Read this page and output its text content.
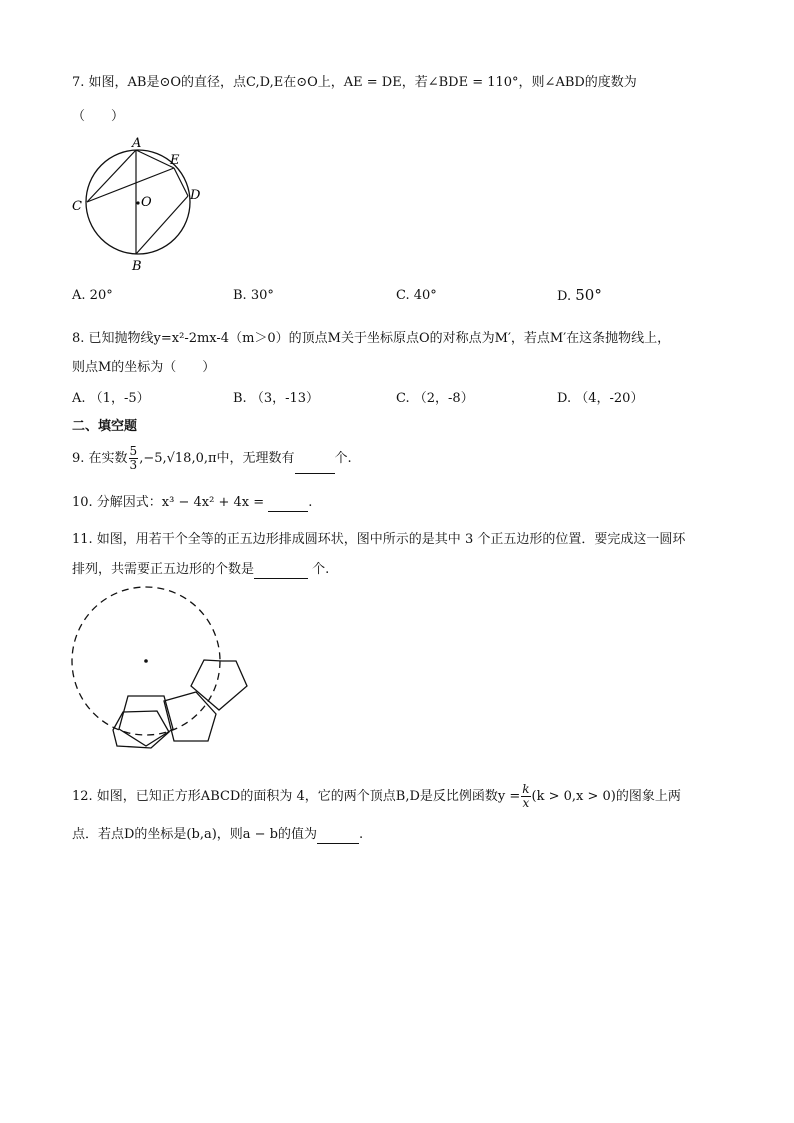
7. 如图，AB是⊙O的直径，点C,D,E在⊙O上，AE = DE，若∠BDE = 110°，则∠ABD的度数为
（　　）
A
E
C	O	D
B
A. 20°	B. 30°	C. 40°	D. 50°
8. 已知抛物线y=x²-2mx-4（m＞0）的顶点M关于坐标原点O的对称点为M′，若点M′在这条抛物线上，
则点M的坐标为（　　）
A. （1，-5）	B. （3，-13）	C. （2，-8）	D. （4，-20）
二、填空题
9. 在实数 $\frac{5}{3} ,-5,√18,0,\pi$中，无理数有	个.
10. 分解因式：x³ − 4x² + 4x =	.
11. 如图，用若干个全等的正五边形排成圆环状，图中所示的是其中 3 个正五边形的位置．要完成这一圆环
排列，共需要正五边形的个数是	个.
12. 如图，已知正方形ABCD的面积为 4，它的两个顶点B,D是反比例函数$y = \frac{k}{x} (k > 0,x > 0)$的图象上两
点．若点D的坐标是(b,a)，则a − b的值为	.
